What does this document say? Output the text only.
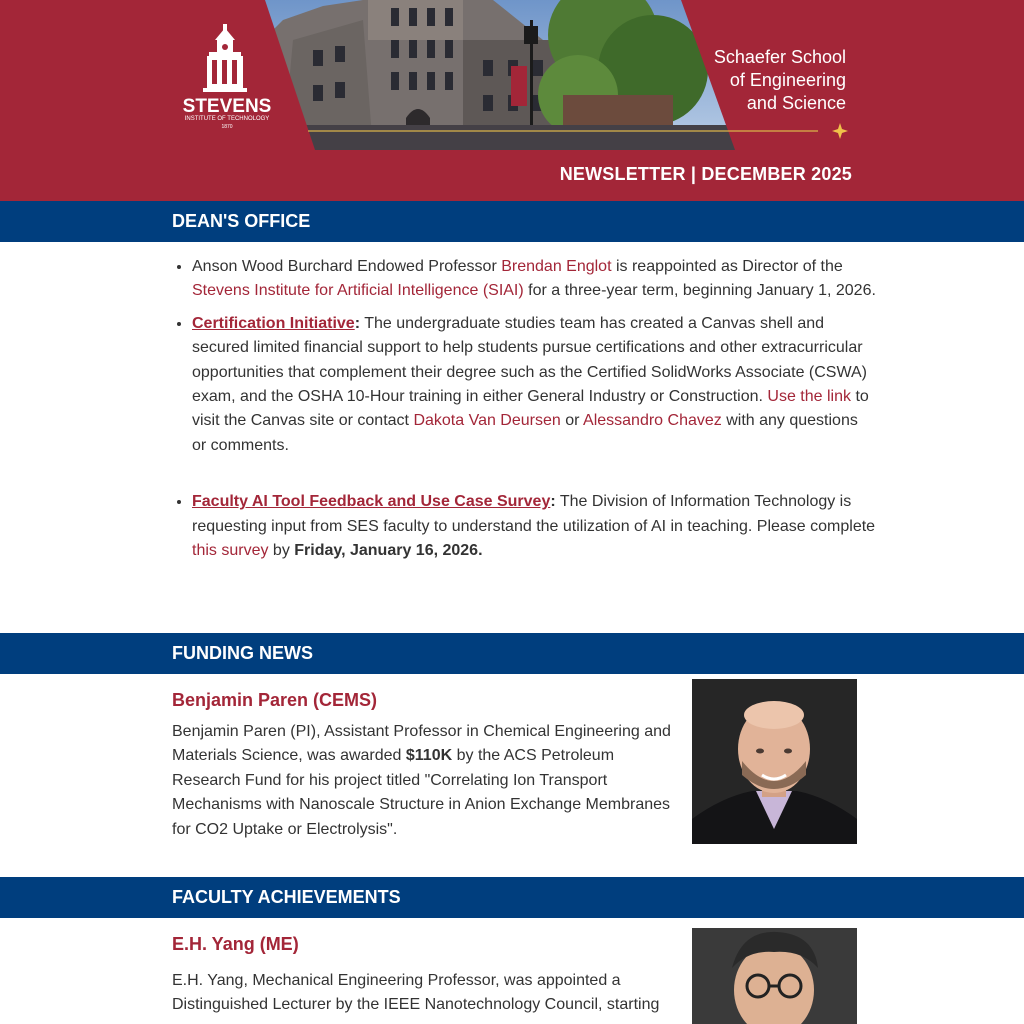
STEVENS
INSTITUTE OF TECHNOLOGY
1870
Schaefer School
of Engineering
and Science
NEWSLETTER | DECEMBER 2025
DEAN'S OFFICE
• Anson Wood Burchard Endowed Professor Brendan Englot is reappointed as Director of the Stevens Institute for Artificial Intelligence (SIAI) for a three-year term, beginning January 1, 2026.
• Certification Initiative: The undergraduate studies team has created a Canvas shell and secured limited financial support to help students pursue certifications and other extracurricular opportunities that complement their degree such as the Certified SolidWorks Associate (CSWA) exam, and the OSHA 10-Hour training in either General Industry or Construction. Use the link to visit the Canvas site or contact Dakota Van Deursen or Alessandro Chavez with any questions or comments.
• Faculty AI Tool Feedback and Use Case Survey: The Division of Information Technology is requesting input from SES faculty to understand the utilization of AI in teaching. Please complete this survey by Friday, January 16, 2026.
FUNDING NEWS
Benjamin Paren (CEMS)

Benjamin Paren (PI), Assistant Professor in Chemical Engineering and Materials Science, was awarded $110K by the ACS Petroleum Research Fund for his project titled "Correlating Ion Transport Mechanisms with Nanoscale Structure in Anion Exchange Membranes for CO2 Uptake or Electrolysis".

FACULTY ACHIEVEMENTS
E.H. Yang (ME)

E.H. Yang, Mechanical Engineering Professor, was appointed a Distinguished Lecturer by the IEEE Nanotechnology Council, starting
